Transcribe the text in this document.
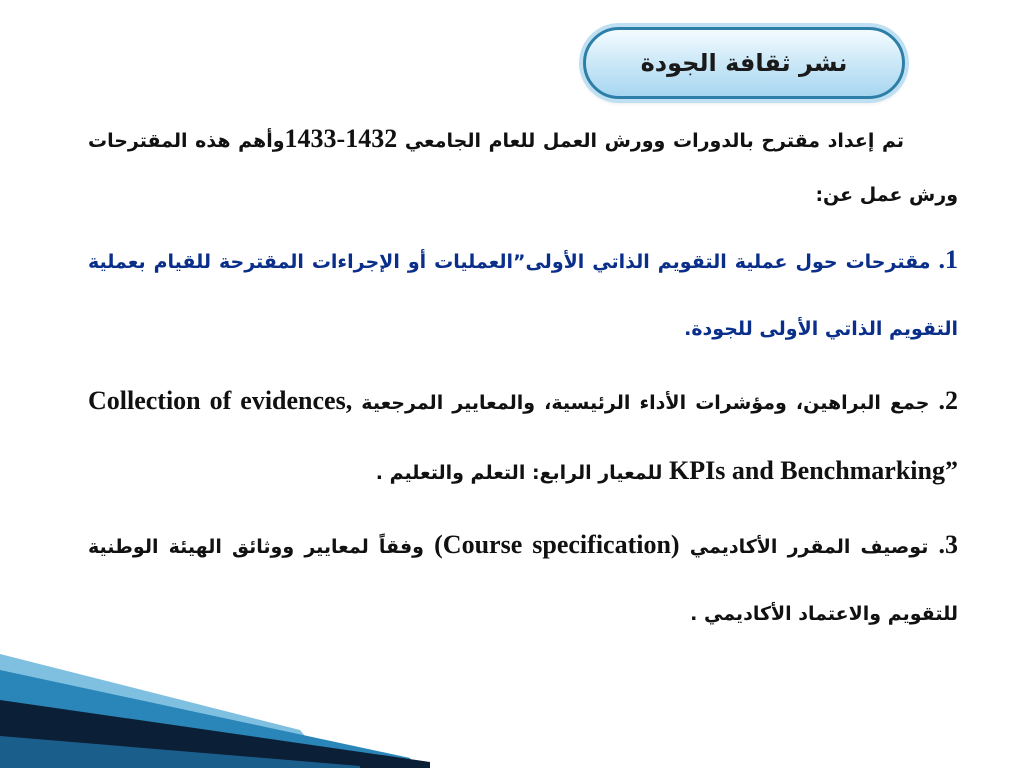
نشر ثقافة الجودة

تم إعداد مقترح بالدورات وورش العمل للعام الجامعي 1432-1433وأهم هذه المقترحات ورش عمل عن:

1. مقترحات حول عملية التقويم الذاتي الأولى”العمليات أو الإجراءات المقترحة للقيام بعملية التقويم الذاتي الأولى للجودة.

2. جمع البراهين، ومؤشرات الأداء الرئيسية، والمعايير المرجعية Collection of evidences, KPIs and Benchmarking” للمعيار الرابع: التعلم والتعليم .

3. توصيف المقرر الأكاديمي (Course specification) وفقاً لمعايير ووثائق الهيئة الوطنية للتقويم والاعتماد الأكاديمي .
